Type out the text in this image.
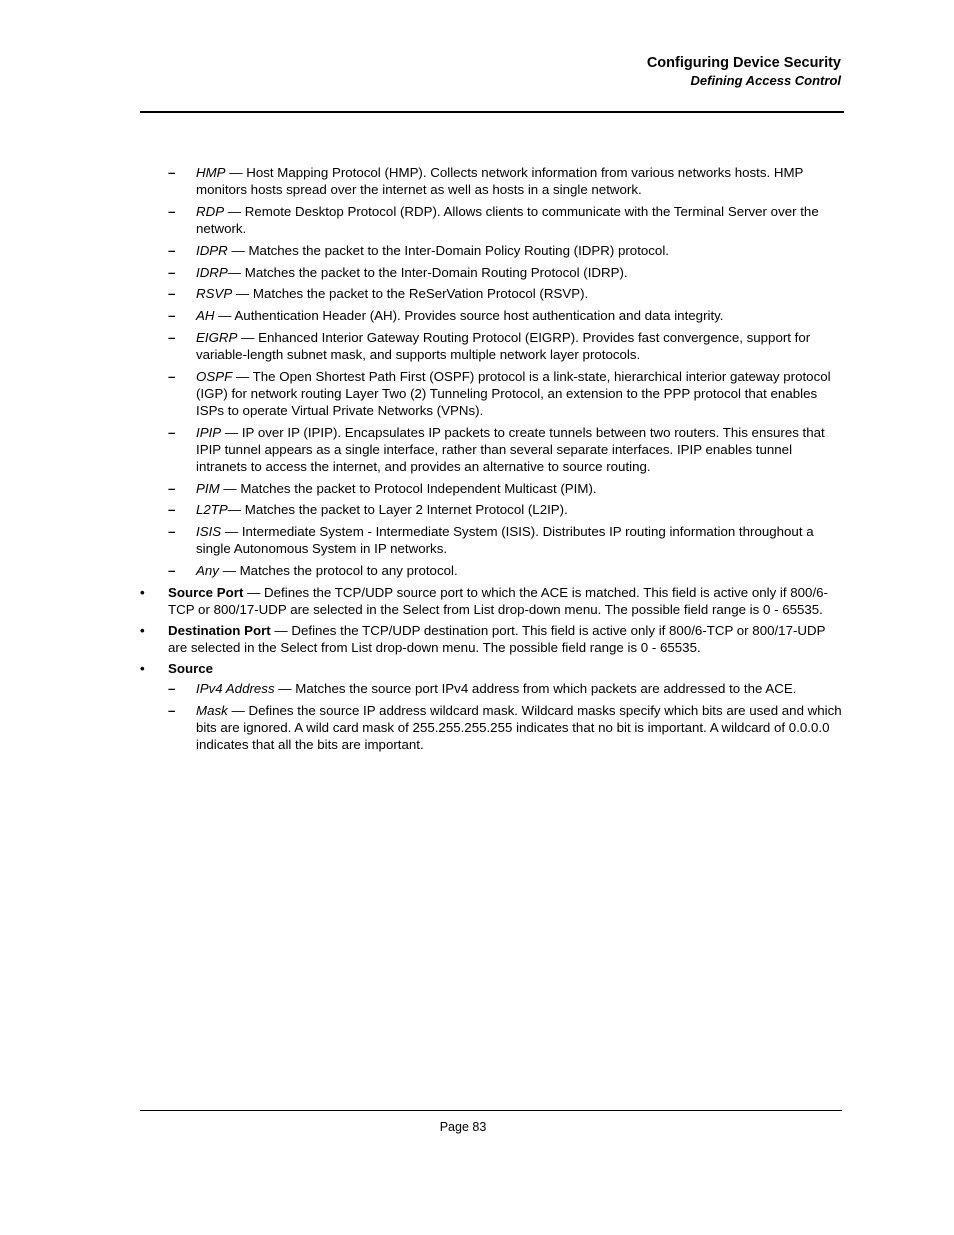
Configuring Device Security
Defining Access Control
– HMP — Host Mapping Protocol (HMP). Collects network information from various networks hosts. HMP monitors hosts spread over the internet as well as hosts in a single network.
– RDP — Remote Desktop Protocol (RDP). Allows clients to communicate with the Terminal Server over the network.
– IDPR — Matches the packet to the Inter-Domain Policy Routing (IDPR) protocol.
– IDRP— Matches the packet to the Inter-Domain Routing Protocol (IDRP).
– RSVP — Matches the packet to the ReSerVation Protocol (RSVP).
– AH — Authentication Header (AH). Provides source host authentication and data integrity.
– EIGRP — Enhanced Interior Gateway Routing Protocol (EIGRP). Provides fast convergence, support for variable-length subnet mask, and supports multiple network layer protocols.
– OSPF — The Open Shortest Path First (OSPF) protocol is a link-state, hierarchical interior gateway protocol (IGP) for network routing Layer Two (2) Tunneling Protocol, an extension to the PPP protocol that enables ISPs to operate Virtual Private Networks (VPNs).
– IPIP — IP over IP (IPIP). Encapsulates IP packets to create tunnels between two routers. This ensures that IPIP tunnel appears as a single interface, rather than several separate interfaces. IPIP enables tunnel intranets to access the internet, and provides an alternative to source routing.
– PIM — Matches the packet to Protocol Independent Multicast (PIM).
– L2TP— Matches the packet to Layer 2 Internet Protocol (L2IP).
– ISIS — Intermediate System - Intermediate System (ISIS). Distributes IP routing information throughout a single Autonomous System in IP networks.
– Any — Matches the protocol to any protocol.
• Source Port — Defines the TCP/UDP source port to which the ACE is matched. This field is active only if 800/6-TCP or 800/17-UDP are selected in the Select from List drop-down menu. The possible field range is 0 - 65535.
• Destination Port — Defines the TCP/UDP destination port. This field is active only if 800/6-TCP or 800/17-UDP are selected in the Select from List drop-down menu. The possible field range is 0 - 65535.
• Source
– IPv4 Address — Matches the source port IPv4 address from which packets are addressed to the ACE.
– Mask — Defines the source IP address wildcard mask. Wildcard masks specify which bits are used and which bits are ignored. A wild card mask of 255.255.255.255 indicates that no bit is important. A wildcard of 0.0.0.0 indicates that all the bits are important.
Page 83
